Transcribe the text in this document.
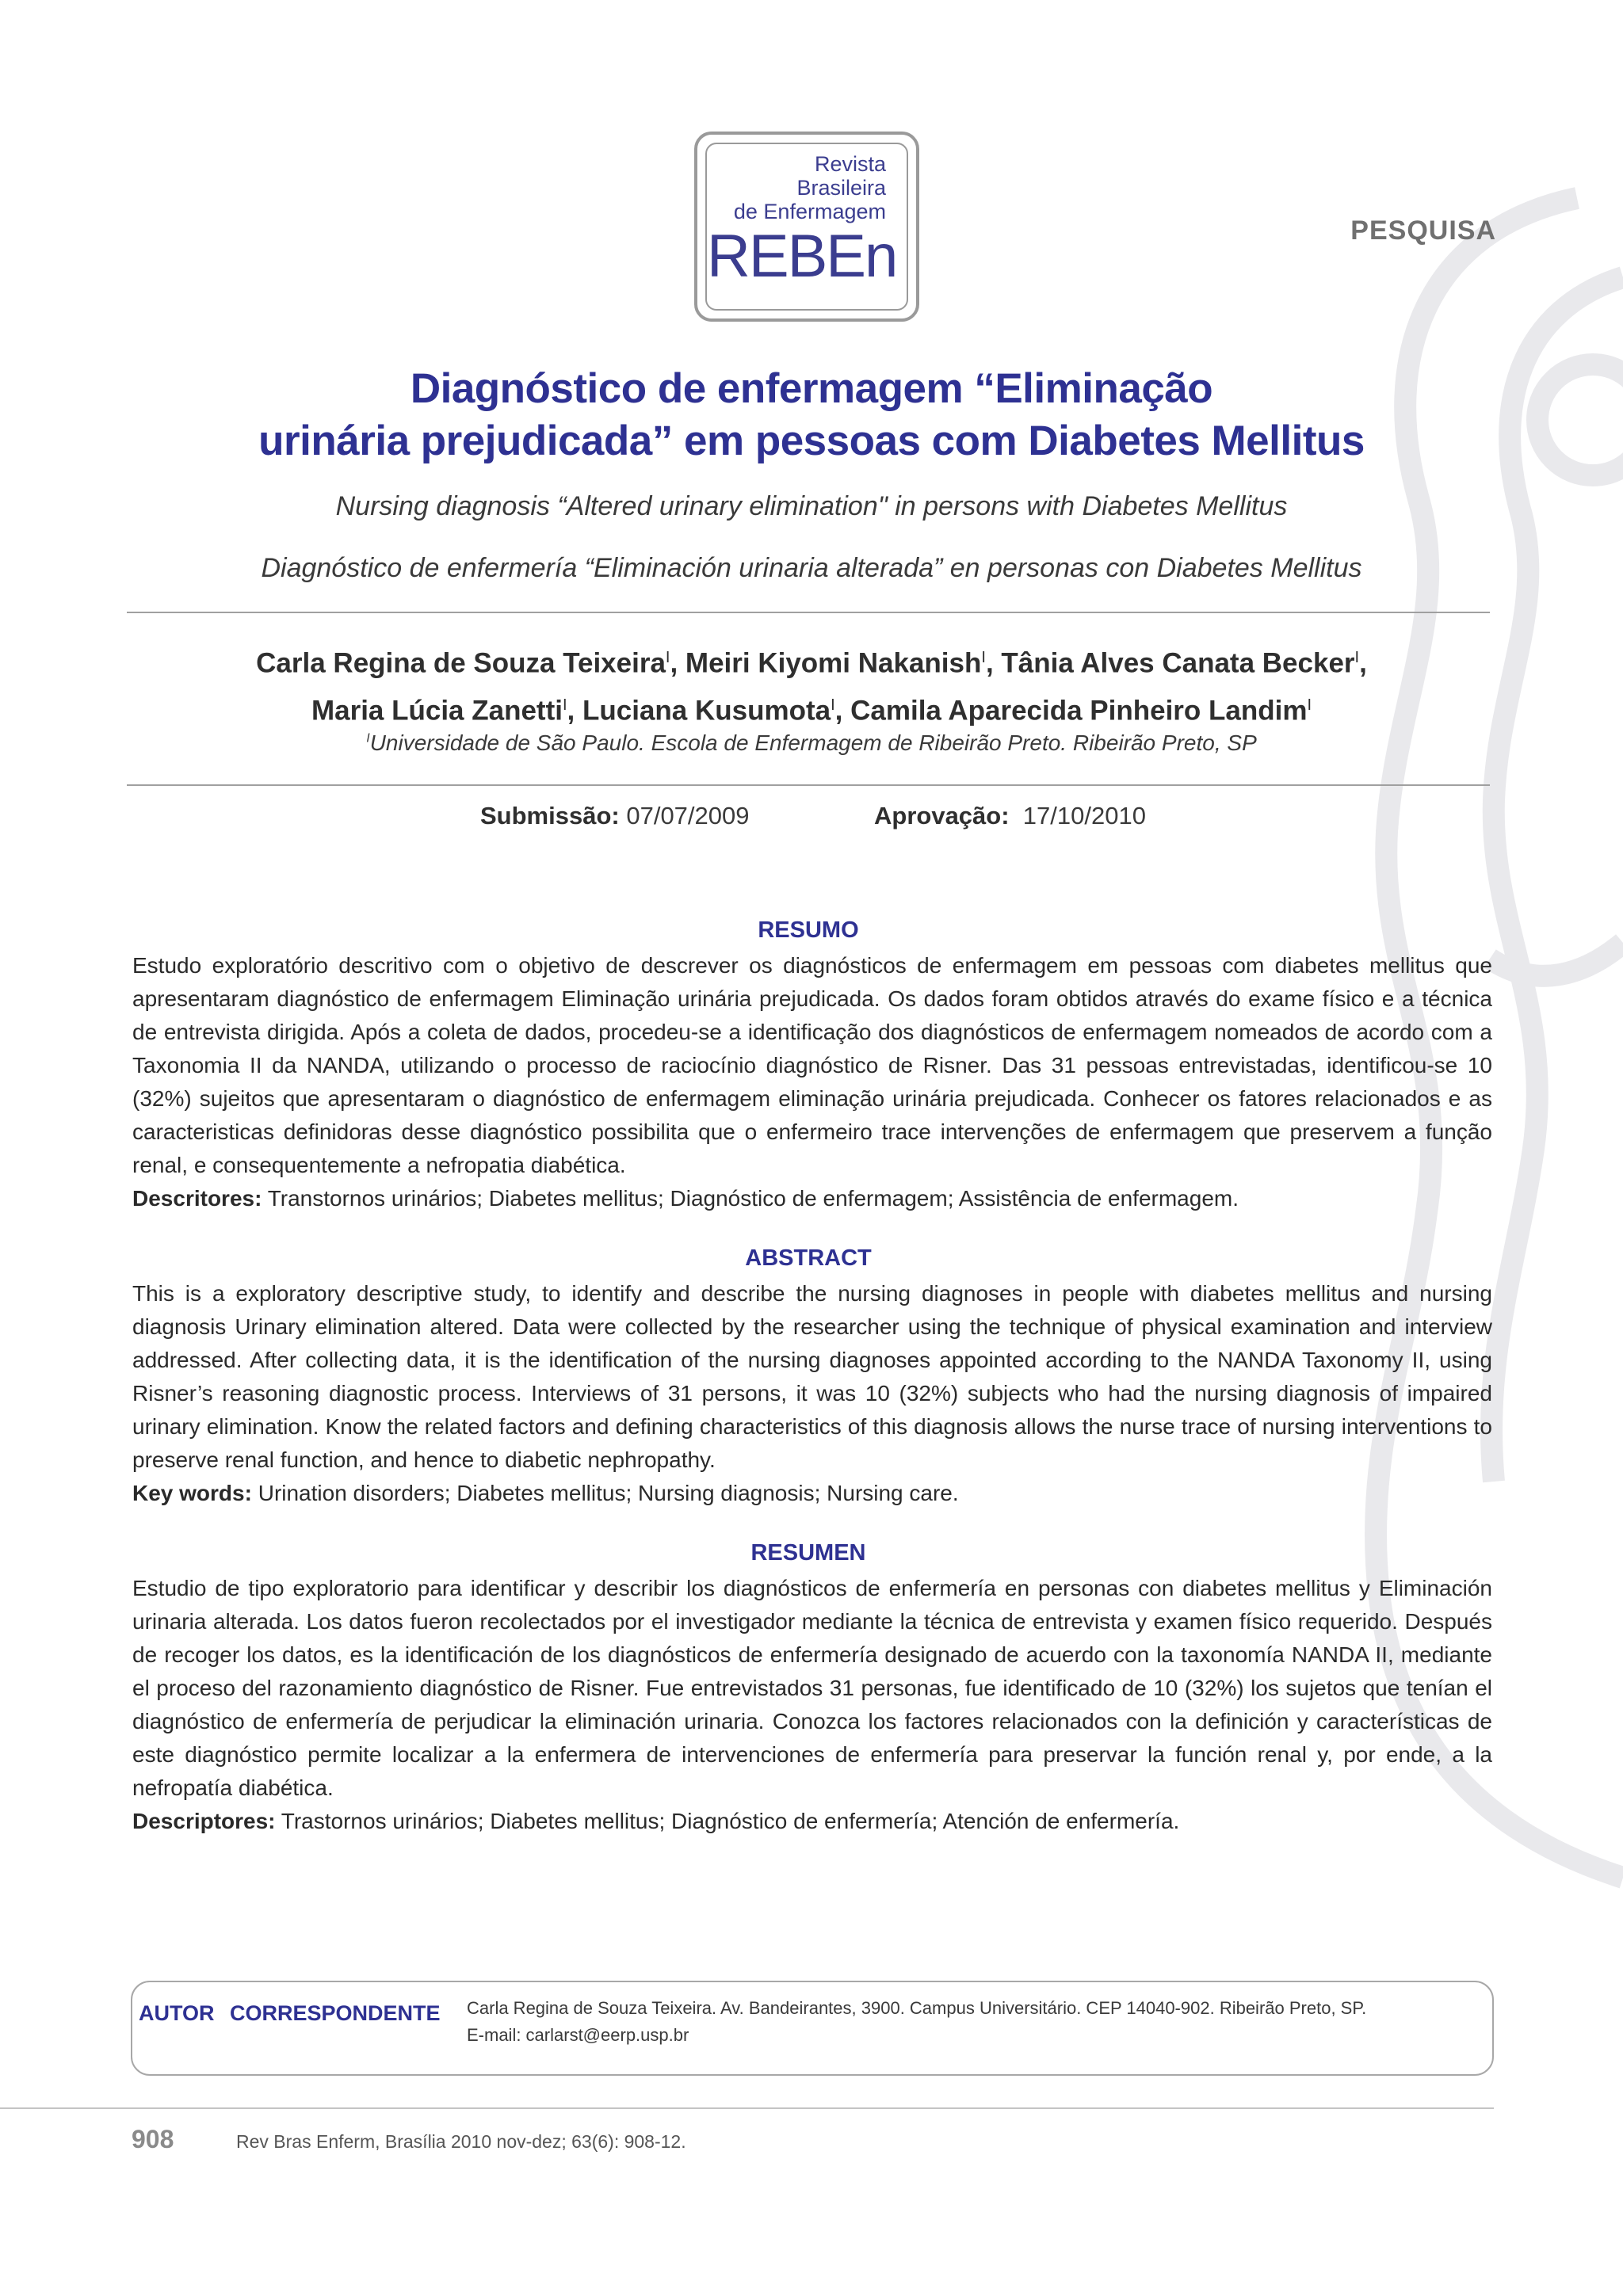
Revista
Brasileira
de Enfermagem
REBEn	PESQUISA
Diagnóstico de enfermagem “Eliminação
urinária prejudicada” em pessoas com Diabetes Mellitus
Nursing diagnosis “Altered urinary elimination" in persons with Diabetes Mellitus
Diagnóstico de enfermería “Eliminación urinaria alterada” en personas con Diabetes Mellitus
Carla Regina de Souza Teixeira$^I$, Meiri Kiyomi Nakanish$^I$, Tânia Alves Canata Becker$^I$,
Maria Lúcia Zanetti$^I$, Luciana Kusumota$^I$, Camila Aparecida Pinheiro Landim$^I$
$^I$Universidade de São Paulo. Escola de Enfermagem de Ribeirão Preto. Ribeirão Preto, SP
Submissão: 07/07/2009	Aprovação: 17/10/2010
RESUMO
Estudo exploratório descritivo com o objetivo de descrever os diagnósticos de enfermagem em pessoas com diabetes mellitus que apresentaram diagnóstico de enfermagem Eliminação urinária prejudicada. Os dados foram obtidos através do exame físico e a técnica de entrevista dirigida. Após a coleta de dados, procedeu-se a identificação dos diagnósticos de enfermagem nomeados de acordo com a Taxonomia II da NANDA, utilizando o processo de raciocínio diagnóstico de Risner. Das 31 pessoas entrevistadas, identificou-se 10 (32%) sujeitos que apresentaram o diagnóstico de enfermagem eliminação urinária prejudicada. Conhecer os fatores relacionados e as caracteristicas definidoras desse diagnóstico possibilita que o enfermeiro trace intervenções de enfermagem que preservem a função renal, e consequentemente a nefropatia diabética.
Descritores: Transtornos urinários; Diabetes mellitus; Diagnóstico de enfermagem; Assistência de enfermagem.
ABSTRACT
This is a exploratory descriptive study, to identify and describe the nursing diagnoses in people with diabetes mellitus and nursing diagnosis Urinary elimination altered. Data were collected by the researcher using the technique of physical examination and interview addressed. After collecting data, it is the identification of the nursing diagnoses appointed according to the NANDA Taxonomy II, using Risner’s reasoning diagnostic process. Interviews of 31 persons, it was 10 (32%) subjects who had the nursing diagnosis of impaired urinary elimination. Know the related factors and defining characteristics of this diagnosis allows the nurse trace of nursing interventions to preserve renal function, and hence to diabetic nephropathy.
Key words: Urination disorders; Diabetes mellitus; Nursing diagnosis; Nursing care.
RESUMEN
Estudio de tipo exploratorio para identificar y describir los diagnósticos de enfermería en personas con diabetes mellitus y Eliminación urinaria alterada. Los datos fueron recolectados por el investigador mediante la técnica de entrevista y examen físico requerido. Después de recoger los datos, es la identificación de los diagnósticos de enfermería designado de acuerdo con la taxonomía NANDA II, mediante el proceso del razonamiento diagnóstico de Risner. Fue entrevistados 31 personas, fue identificado de 10 (32%) los sujetos que tenían el diagnóstico de enfermería de perjudicar la eliminación urinaria. Conozca los factores relacionados con la definición y características de este diagnóstico permite localizar a la enfermera de intervenciones de enfermería para preservar la función renal y, por ende, a la nefropatía diabética.
Descriptores: Trastornos urinários; Diabetes mellitus; Diagnóstico de enfermería; Atención de enfermería.
AUTOR CORRESPONDENTE Carla Regina de Souza Teixeira. Av. Bandeirantes, 3900. Campus Universitário. CEP 14040-902. Ribeirão Preto, SP.
E-mail: carlarst@eerp.usp.br
908	Rev Bras Enferm, Brasília 2010 nov-dez; 63(6): 908-12.
